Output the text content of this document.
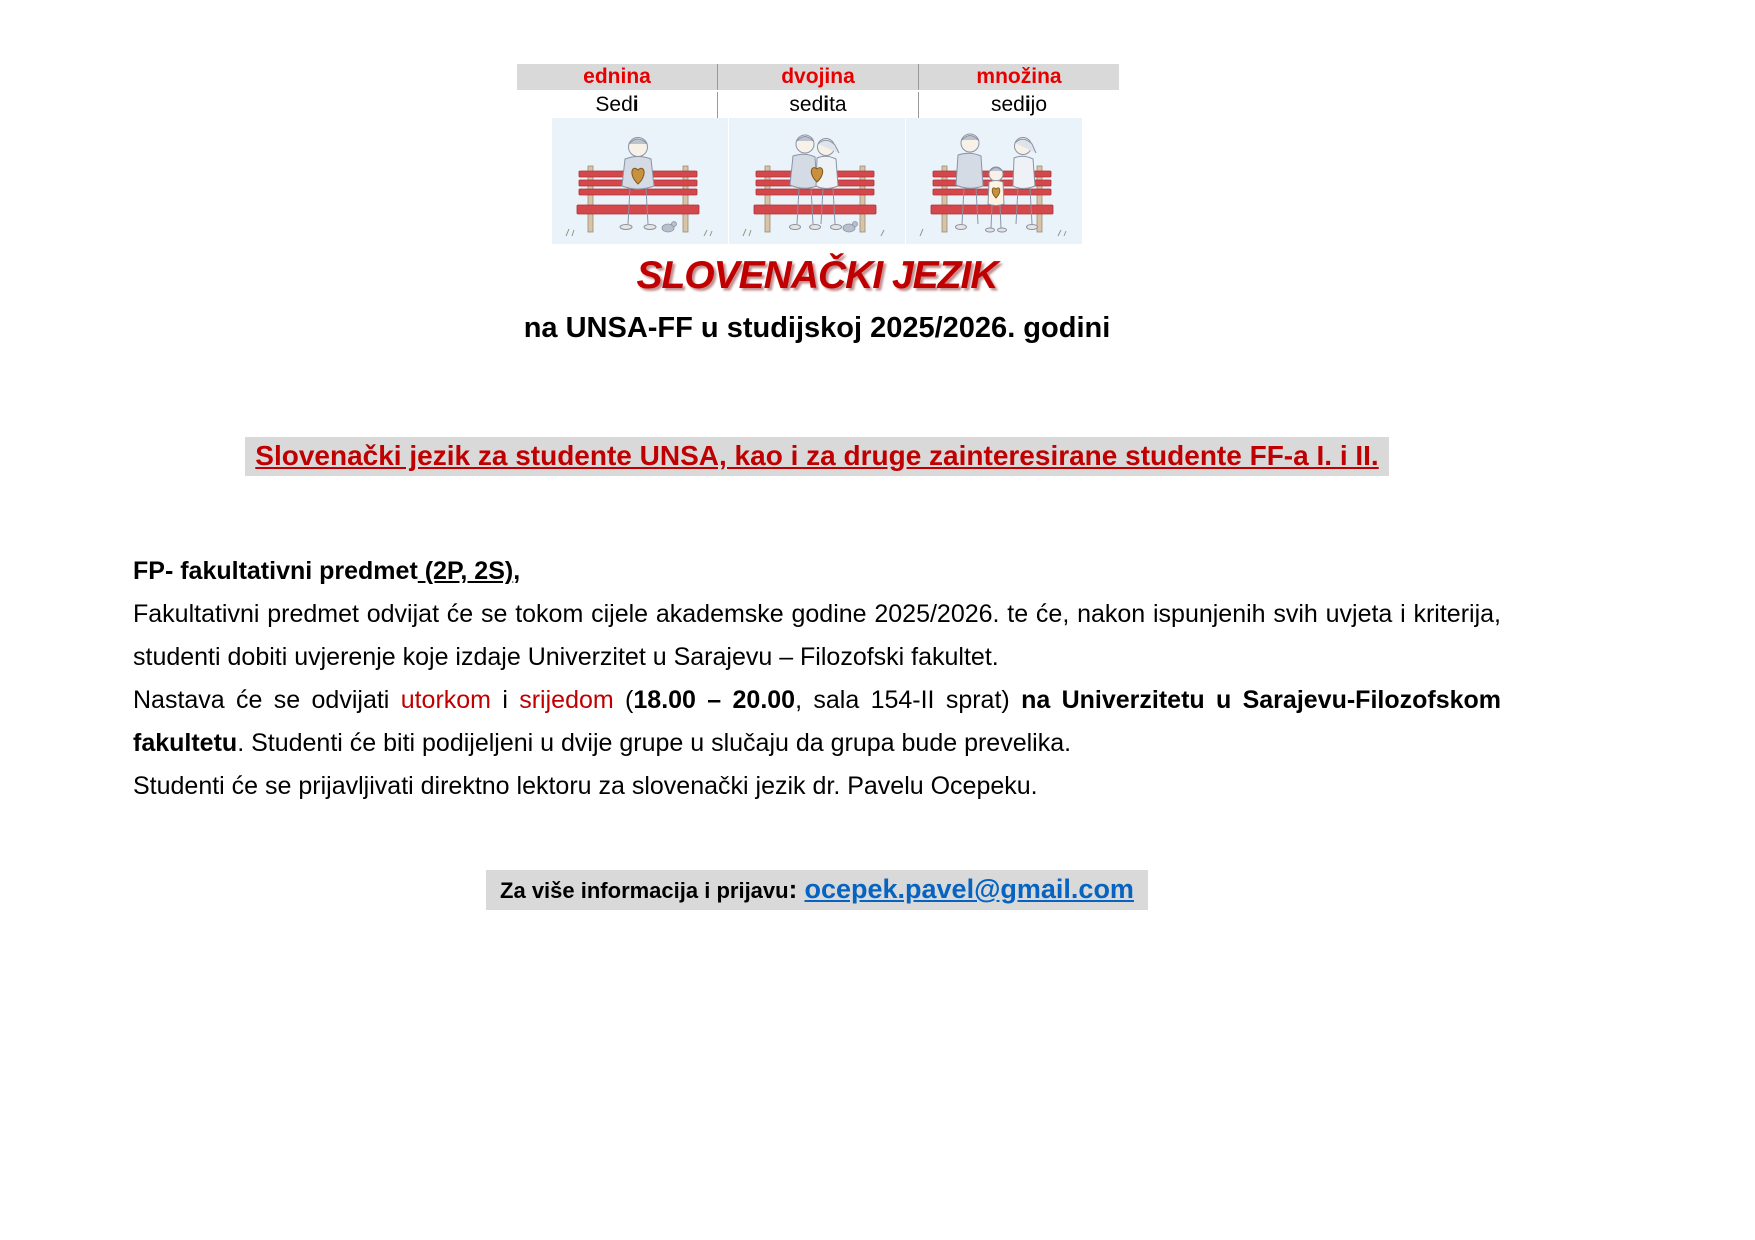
ednina	dvojina	množina
Sedi	sedita	sedijo
SLOVENAČKI JEZIK
na UNSA-FF u studijskoj 2025/2026. godini
Slovenački jezik za studente UNSA, kao i za druge zainteresirane studente FF-a I. i II.

FP- fakultativni predmet (2P, 2S),

Fakultativni predmet odvijat će se tokom cijele akademske godine 2025/2026. te će, nakon ispunjenih svih uvjeta i kriterija, studenti dobiti uvjerenje koje izdaje Univerzitet u Sarajevu – Filozofski fakultet.

Nastava će se odvijati utorkom i srijedom (18.00 – 20.00, sala 154-II sprat) na Univerzitetu u Sarajevu-Filozofskom fakultetu. Studenti će biti podijeljeni u dvije grupe u slučaju da grupa bude prevelika.

Studenti će se prijavljivati direktno lektoru za slovenački jezik dr. Pavelu Ocepeku.

Za više informacija i prijavu: ocepek.pavel@gmail.com
